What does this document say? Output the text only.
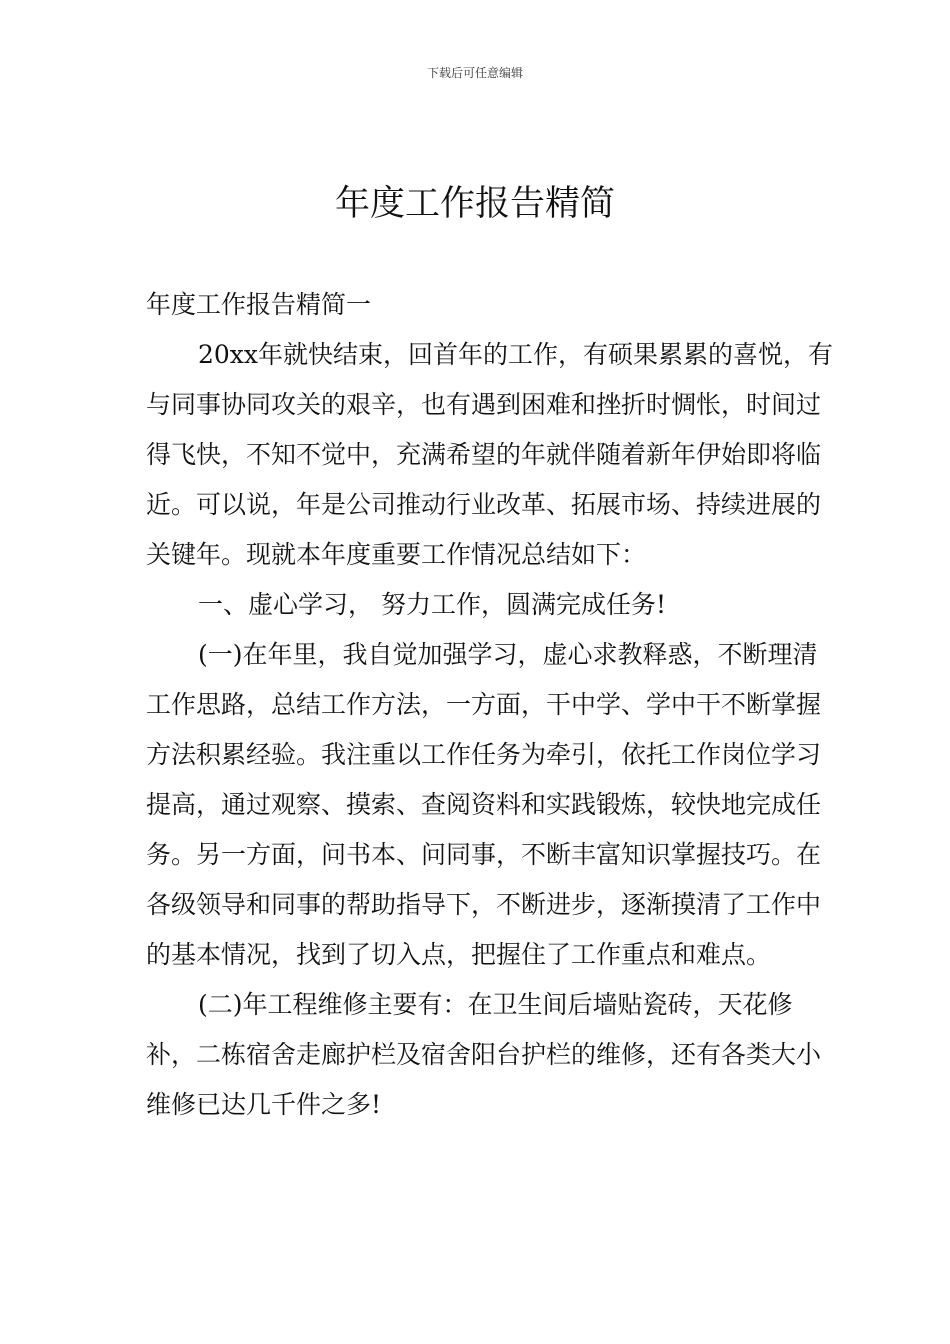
下载后可任意编辑
年度工作报告精简

年度工作报告精简一

20xx年就快结束，回首年的工作，有硕果累累的喜悦，有与同事协同攻关的艰辛，也有遇到困难和挫折时惆怅，时间过得飞快，不知不觉中，充满希望的年就伴随着新年伊始即将临近。可以说，年是公司推动行业改革、拓展市场、持续进展的关键年。现就本年度重要工作情况总结如下：

一、虚心学习， 努力工作，圆满完成任务!

(一)在年里，我自觉加强学习，虚心求教释惑，不断理清工作思路，总结工作方法，一方面，干中学、学中干不断掌握方法积累经验。我注重以工作任务为牵引，依托工作岗位学习提高，通过观察、摸索、查阅资料和实践锻炼，较快地完成任务。另一方面，问书本、问同事，不断丰富知识掌握技巧。在各级领导和同事的帮助指导下，不断进步，逐渐摸清了工作中的基本情况，找到了切入点，把握住了工作重点和难点。

(二)年工程维修主要有：在卫生间后墙贴瓷砖，天花修补，二栋宿舍走廊护栏及宿舍阳台护栏的维修，还有各类大小维修已达几千件之多!
